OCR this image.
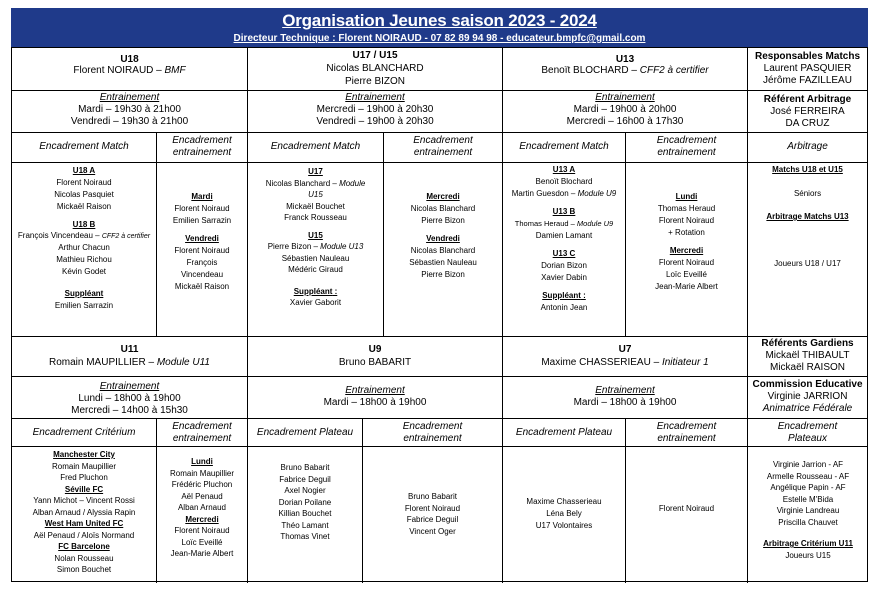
Organisation Jeunes saison 2023 - 2024
Directeur Technique : Florent NOIRAUD - 07 82 89 94 98 - educateur.bmpfc@gmail.com
U18
Florent NOIRAUD – BMF
U17 / U15
Nicolas BLANCHARD
Pierre BIZON
U13
Benoït BLOCHARD – CFF2 à certifier
Responsables Matchs
Laurent PASQUIER
Jérôme FAZILLEAU
Entrainement
Mardi – 19h30 à 21h00
Vendredi – 19h30 à 21h00
Entrainement
Mercredi – 19h00 à 20h30
Vendredi – 19h00 à 20h30
Entrainement
Mardi – 19h00 à 20h00
Mercredi – 16h00 à 17h30
Référent Arbitrage
José FERREIRA
DA CRUZ
Encadrement Match
Encadrement
entrainement
Encadrement Match
Encadrement
entrainement
Encadrement Match
Encadrement
entrainement
Arbitrage
U18 A
Florent Noiraud
Nicolas Pasquiet
Mickaël Raison
U18 B
François Vincendeau – CFF2 à certifier
Arthur Chacun
Mathieu Richou
Kévin Godet
Suppléant
Emilien Sarrazin
Mardi
Florent Noiraud
Emilien Sarrazin
Vendredi
Florent Noiraud
François
Vincendeau
Mickaël Raison
U17
Nicolas Blanchard – Module
U15
Mickaël Bouchet
Franck Rousseau
U15
Pierre Bizon – Module U13
Sébastien Nauleau
Médéric Giraud
Suppléant :
Xavier Gaborit
Mercredi
Nicolas Blanchard
Pierre Bizon
Vendredi
Nicolas Blanchard
Sébastien Nauleau
Pierre Bizon
U13 A
Benoït Blochard
Martin Guesdon – Module U9
U13 B
Thomas Heraud – Module U9
Damien Lamant
U13 C
Dorian Bizon
Xavier Dabin
Suppléant :
Antonin Jean
Lundi
Thomas Heraud
Florent Noiraud
+ Rotation
Mercredi
Florent Noiraud
Loïc Eveillé
Jean-Marie Albert
Matchs U18 et U15
Séniors
Arbitrage Matchs U13
Joueurs U18 / U17
U11
Romain MAUPILLIER – Module U11
U9
Bruno BABARIT
U7
Maxime CHASSERIEAU – Initiateur 1
Référents Gardiens
Mickaël THIBAULT
Mickaël RAISON
Entrainement
Lundi – 18h00 à 19h00
Mercredi – 14h00 à 15h30
Entrainement
Mardi – 18h00 à 19h00
Entrainement
Mardi – 18h00 à 19h00
Commission Educative
Virginie JARRION
Animatrice Fédérale
Encadrement Critérium
Encadrement
entrainement
Encadrement Plateau
Encadrement
entrainement
Encadrement Plateau
Encadrement
entrainement
Encadrement
Plateaux
Manchester City
Romain Maupillier
Fred Pluchon
Séville FC
Yann Michot – Vincent Rossi
Alban Arnaud / Alyssia Rapin
West Ham United FC
Aël Penaud / Aloïs Normand
FC Barcelone
Nolan Rousseau
Simon Bouchet
Lundi
Romain Maupillier
Frédéric Pluchon
Aël Penaud
Alban Arnaud
Mercredi
Florent Noiraud
Loïc Eveillé
Jean-Marie Albert
Bruno Babarit
Fabrice Deguil
Axel Nogier
Dorian Poilane
Killian Bouchet
Théo Lamant
Thomas Vinet
Bruno Babarit
Florent Noiraud
Fabrice Deguil
Vincent Oger
Maxime Chasserieau
Léna Bely
U17 Volontaires
Florent Noiraud
Virginie Jarrion - AF
Armelle Rousseau - AF
Angélique Papin - AF
Estelle M'Bida
Virginie Landreau
Priscilla Chauvet
Arbitrage Critérium U11
Joueurs U15
